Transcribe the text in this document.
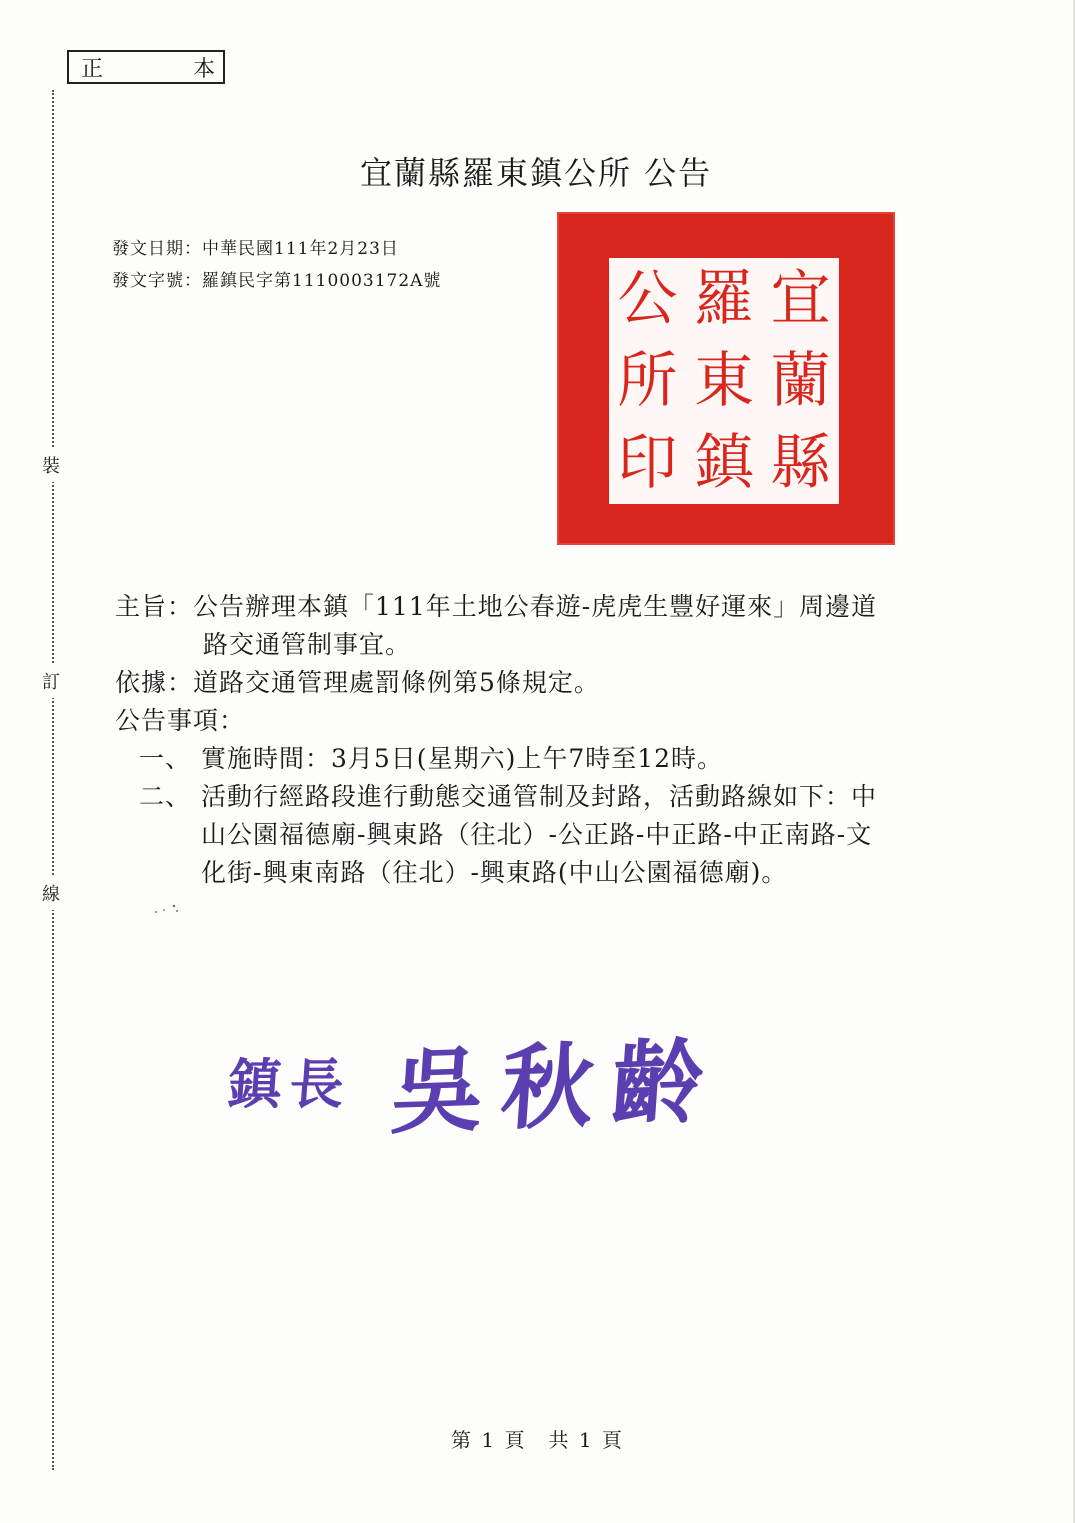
正	本
裝
訂
線
宜蘭縣羅東鎮公所 公告
發文日期：中華民國111年2月23日
發文字號：羅鎮民字第1110003172A號	宜
蘭
縣
羅
東
鎮
公
所
印
主旨： 公告辦理本鎮「111年土地公春遊-虎虎生豐好運來」周邊道
路交通管制事宜。
依據： 道路交通管理處罰條例第5條規定。
公告事項：
一、 實施時間：3月5日(星期六)上午7時至12時。
二、 活動行經路段進行動態交通管制及封路，活動路線如下：中
山公園福德廟-興東路（往北）-公正路-中正路-中正南路-文
化街-興東南路（往北）-興東路(中山公園福德廟)。
鎮長 吳秋齡
第 1 頁　共 1 頁
